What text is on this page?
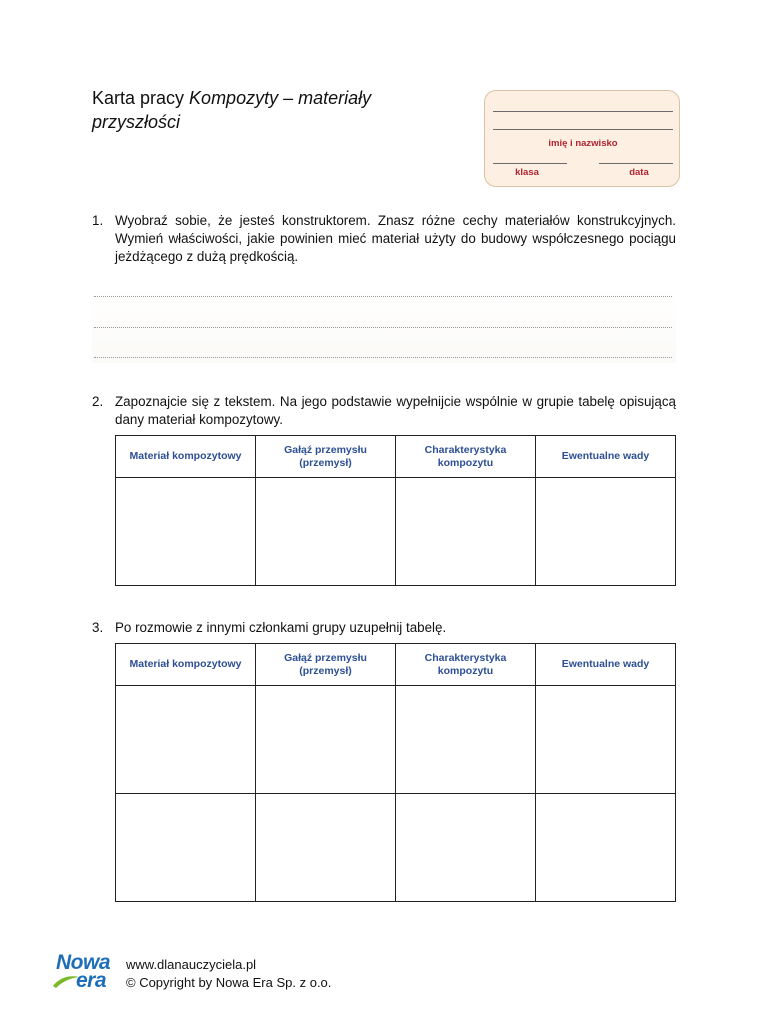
Karta pracy Kompozyty – materiały przyszłości
imię i nazwisko
klasa	data
1. Wyobraź sobie, że jesteś konstruktorem. Znasz różne cechy materiałów konstrukcyjnych. Wymień właściwości, jakie powinien mieć materiał użyty do budowy współczesnego pociągu jeżdżącego z dużą prędkością.
2. Zapoznajcie się z tekstem. Na jego podstawie wypełnijcie wspólnie w grupie tabelę opisującą dany materiał kompozytowy.
Materiał kompozytowy	Gałąź przemysłu (przemysł)	Charakterystyka kompozytu	Ewentualne wady

3. Po rozmowie z innymi członkami grupy uzupełnij tabelę.
Materiał kompozytowy	Gałąź przemysłu (przemysł)	Charakterystyka kompozytu	Ewentualne wady

Nowa
era
www.dlanauczyciela.pl
© Copyright by Nowa Era Sp. z o.o.
